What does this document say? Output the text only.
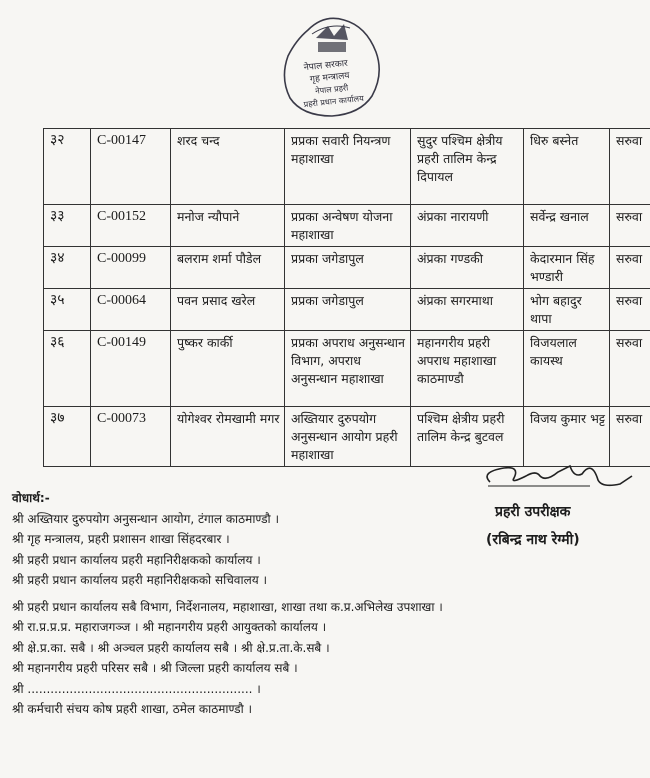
नेपाल सरकार
गृह मन्त्रालय
नेपाल प्रहरी
प्रहरी प्रधान कार्यालय
३२	C-00147	शरद चन्द	प्रप्रका सवारी नियन्त्रण महाशाखा	सुदुर पश्चिम क्षेत्रीय प्रहरी तालिम केन्द्र दिपायल	धिरु बस्नेत	सरुवा
३३	C-00152	मनोज न्यौपाने	प्रप्रका अन्वेषण योजना महाशाखा	अंप्रका नारायणी	सर्वेन्द्र खनाल	सरुवा
३४	C-00099	बलराम शर्मा पौडेल	प्रप्रका जगेडापुल	अंप्रका गण्डकी	केदारमान सिंह भण्डारी	सरुवा
३५	C-00064	पवन प्रसाद खरेल	प्रप्रका जगेडापुल	अंप्रका सगरमाथा	भोग बहादुर थापा	सरुवा
३६	C-00149	पुष्कर कार्की	प्रप्रका अपराध अनुसन्धान विभाग, अपराध अनुसन्धान महाशाखा	महानगरीय प्रहरी अपराध महाशाखा काठमाण्डौ	विजयलाल कायस्थ	सरुवा
३७	C-00073	योगेश्वर रोमखामी मगर	अख्तियार दुरुपयोग अनुसन्धान आयोग प्रहरी महाशाखा	पश्चिम क्षेत्रीय प्रहरी तालिम केन्द्र बुटवल	विजय कुमार भट्ट	सरुवा
प्रहरी उपरीक्षक
(रबिन्द्र नाथ रेग्मी)
वोधार्थ:-
श्री अख्तियार दुरुपयोग अनुसन्धान आयोग, टंगाल काठमाण्डौ ।
श्री गृह मन्त्रालय, प्रहरी प्रशासन शाखा सिंहदरबार ।
श्री प्रहरी प्रधान कार्यालय प्रहरी महानिरीक्षकको कार्यालय ।
श्री प्रहरी प्रधान कार्यालय प्रहरी महानिरीक्षकको सचिवालय ।
श्री प्रहरी प्रधान कार्यालय सबै विभाग, निर्देशनालय, महाशाखा, शाखा तथा क.प्र.अभिलेख उपशाखा ।
श्री रा.प्र.प्र.प्र. महाराजगञ्ज । श्री महानगरीय प्रहरी आयुक्तको कार्यालय ।
श्री क्षे.प्र.का. सबै । श्री अञ्चल प्रहरी कार्यालय सबै । श्री क्षे.प्र.ता.के.सबै ।
श्री महानगरीय प्रहरी परिसर सबै । श्री जिल्ला प्रहरी कार्यालय सबै ।
श्री ........................................................... ।
श्री कर्मचारी संचय कोष प्रहरी शाखा, ठमेल काठमाण्डौ ।
